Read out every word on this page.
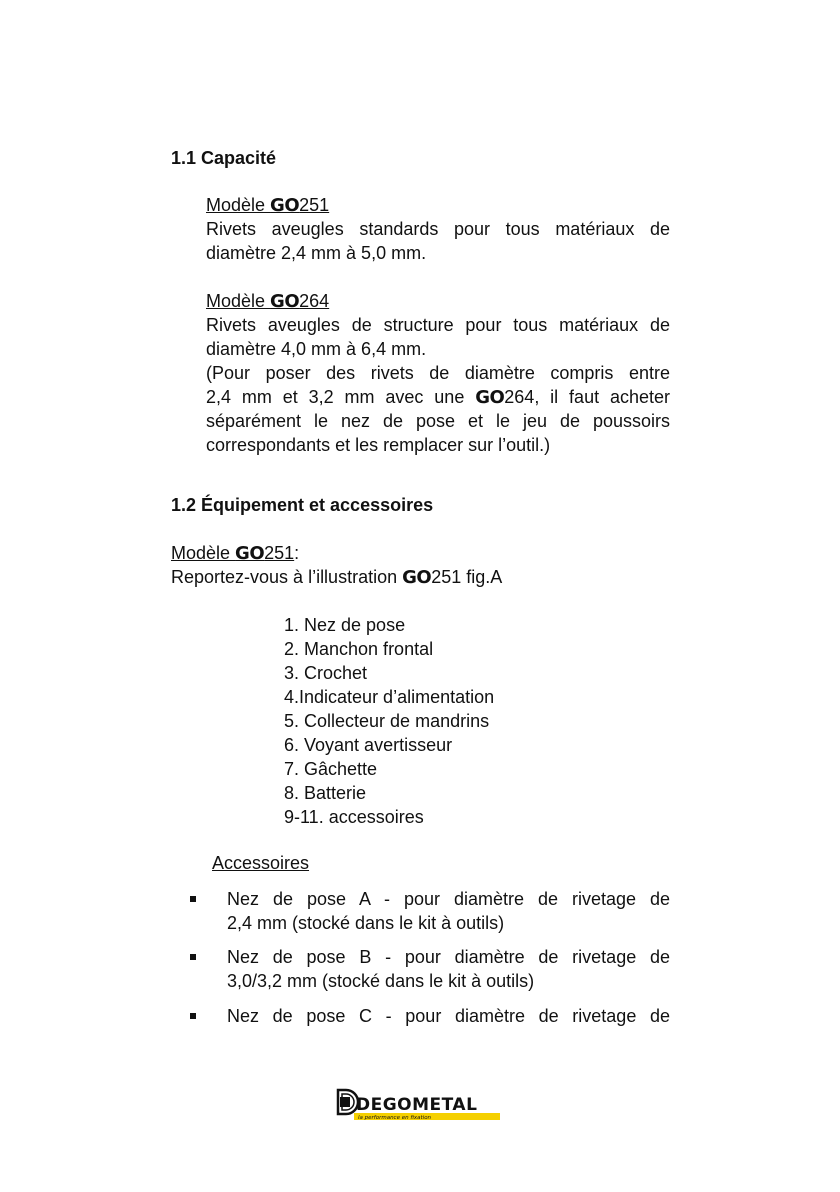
1.1 Capacité
Modèle GO251
Rivets aveugles standards pour tous matériaux de
diamètre 2,4 mm à 5,0 mm.
Modèle GO264
Rivets aveugles de structure pour tous matériaux de
diamètre 4,0 mm à 6,4 mm.
(Pour poser des rivets de diamètre compris entre
2,4 mm et 3,2 mm avec une GO264, il faut acheter
séparément le nez de pose et le jeu de poussoirs
correspondants et les remplacer sur l’outil.)
1.2 Équipement et accessoires
Modèle GO251:
Reportez-vous à l’illustration GO251 fig.A
1. Nez de pose
2. Manchon frontal
3. Crochet
4.Indicateur d’alimentation
5. Collecteur de mandrins
6. Voyant avertisseur
7. Gâchette
8. Batterie
9-11. accessoires
Accessoires
Nez de pose A - pour diamètre de rivetage de
2,4 mm (stocké dans le kit à outils)
Nez de pose B - pour diamètre de rivetage de
3,0/3,2 mm (stocké dans le kit à outils)
Nez de pose C - pour diamètre de rivetage de
DEGOMETAL
la performance en fixation
